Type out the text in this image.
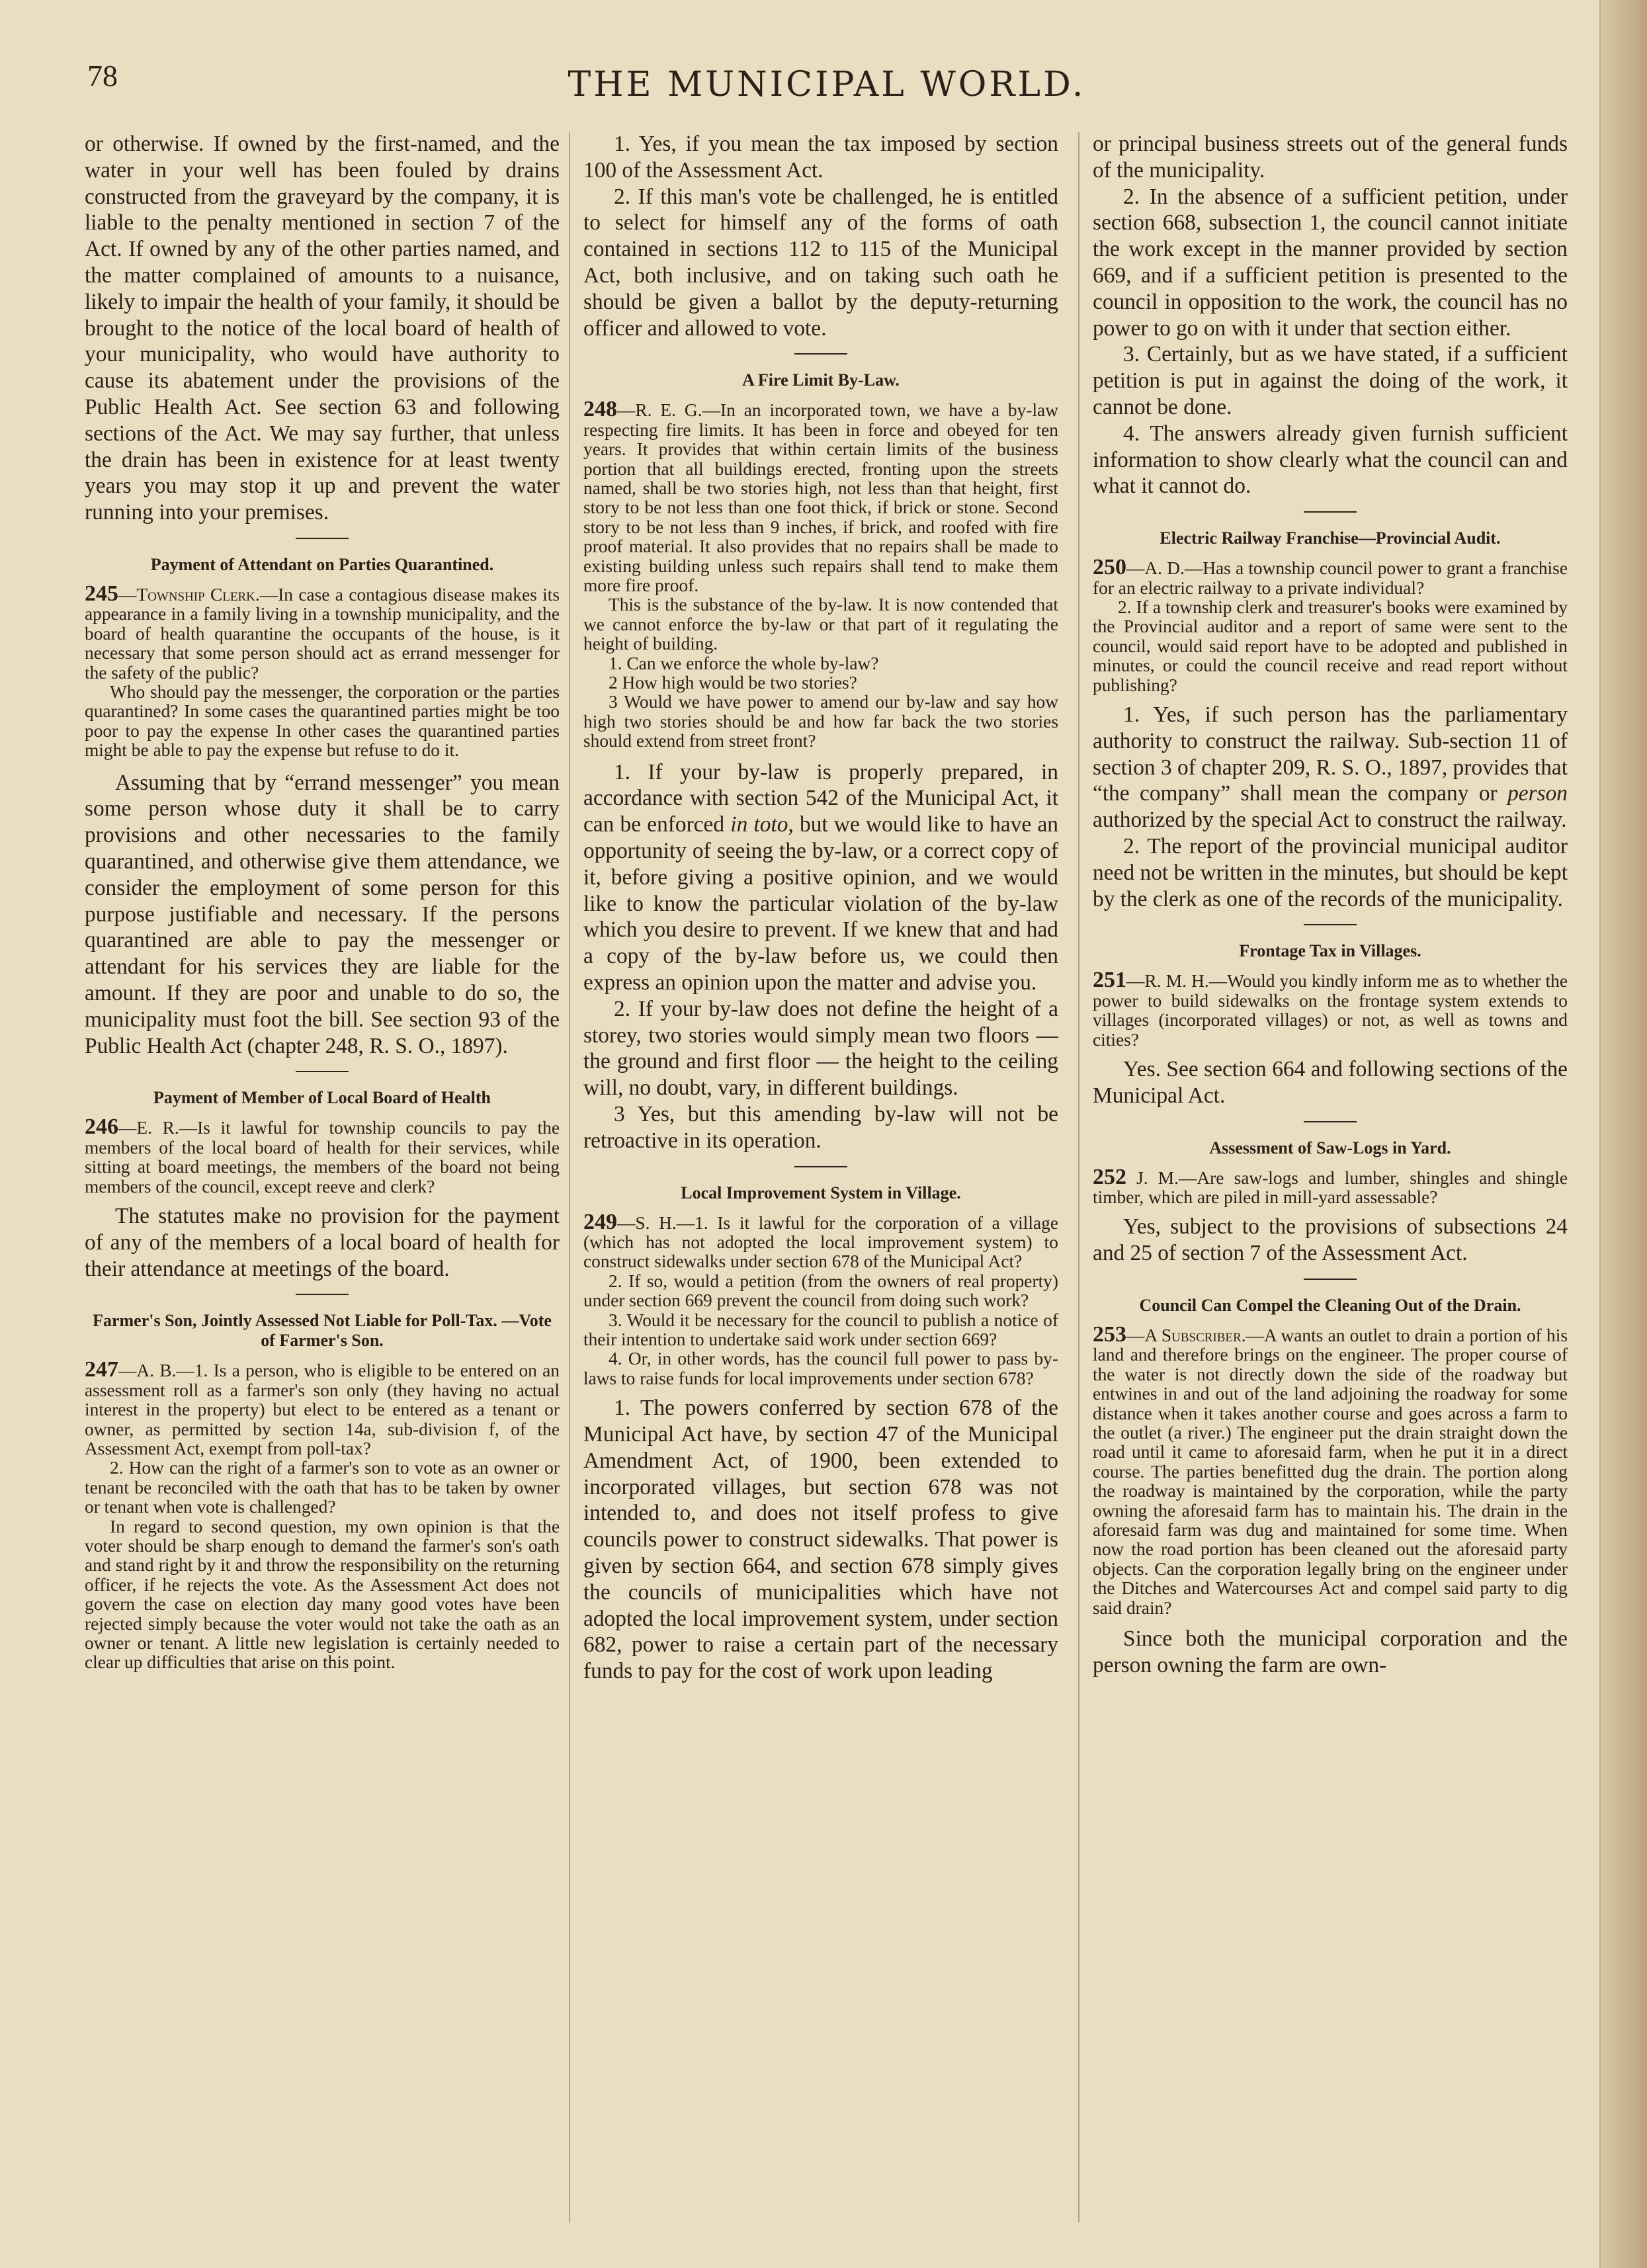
78	THE MUNICIPAL WORLD.

or otherwise. If owned by the first-named, and the water in your well has been fouled by drains constructed from the graveyard by the company, it is liable to the penalty mentioned in section 7 of the Act. If owned by any of the other parties named, and the matter complained of amounts to a nuisance, likely to impair the health of your family, it should be brought to the notice of the local board of health of your municipality, who would have authority to cause its abatement under the provisions of the Public Health Act. See section 63 and following sections of the Act. We may say further, that unless the drain has been in existence for at least twenty years you may stop it up and prevent the water running into your premises.

Payment of Attendant on Parties Quarantined.

245—Township Clerk.—In case a contagious disease makes its appearance in a family living in a township municipality, and the board of health quarantine the occupants of the house, is it necessary that some person should act as errand messenger for the safety of the public?

Who should pay the messenger, the corporation or the parties quarantined? In some cases the quarantined parties might be too poor to pay the expense In other cases the quarantined parties might be able to pay the expense but refuse to do it.

Assuming that by “errand messenger” you mean some person whose duty it shall be to carry provisions and other necessaries to the family quarantined, and otherwise give them attendance, we consider the employment of some person for this purpose justifiable and necessary. If the persons quarantined are able to pay the messenger or attendant for his services they are liable for the amount. If they are poor and unable to do so, the municipality must foot the bill. See section 93 of the Public Health Act (chapter 248, R. S. O., 1897).

Payment of Member of Local Board of Health

246—E. R.—Is it lawful for township councils to pay the members of the local board of health for their services, while sitting at board meetings, the members of the board not being members of the council, except reeve and clerk?

The statutes make no provision for the payment of any of the members of a local board of health for their attendance at meetings of the board.

Farmer's Son, Jointly Assessed Not Liable for Poll-Tax. —Vote of Farmer's Son.

247—A. B.—1. Is a person, who is eligible to be entered on an assessment roll as a farmer's son only (they having no actual interest in the property) but elect to be entered as a tenant or owner, as permitted by section 14a, sub-division f, of the Assessment Act, exempt from poll-tax?

2. How can the right of a farmer's son to vote as an owner or tenant be reconciled with the oath that has to be taken by owner or tenant when vote is challenged?

In regard to second question, my own opinion is that the voter should be sharp enough to demand the farmer's son's oath and stand right by it and throw the responsibility on the returning officer, if he rejects the vote. As the Assessment Act does not govern the case on election day many good votes have been rejected simply because the voter would not take the oath as an owner or tenant. A little new legislation is certainly needed to clear up difficulties that arise on this point.

1. Yes, if you mean the tax imposed by section 100 of the Assessment Act.

2. If this man's vote be challenged, he is entitled to select for himself any of the forms of oath contained in sections 112 to 115 of the Municipal Act, both inclusive, and on taking such oath he should be given a ballot by the deputy-returning officer and allowed to vote.

A Fire Limit By-Law.

248—R. E. G.—In an incorporated town, we have a by-law respecting fire limits. It has been in force and obeyed for ten years. It provides that within certain limits of the business portion that all buildings erected, fronting upon the streets named, shall be two stories high, not less than that height, first story to be not less than one foot thick, if brick or stone. Second story to be not less than 9 inches, if brick, and roofed with fire proof material. It also provides that no repairs shall be made to existing building unless such repairs shall tend to make them more fire proof.

This is the substance of the by-law. It is now contended that we cannot enforce the by-law or that part of it regulating the height of building.

1. Can we enforce the whole by-law?

2 How high would be two stories?

3 Would we have power to amend our by-law and say how high two stories should be and how far back the two stories should extend from street front?

1. If your by-law is properly prepared, in accordance with section 542 of the Municipal Act, it can be enforced in toto, but we would like to have an opportunity of seeing the by-law, or a correct copy of it, before giving a positive opinion, and we would like to know the particular violation of the by-law which you desire to prevent. If we knew that and had a copy of the by-law before us, we could then express an opinion upon the matter and advise you.

2. If your by-law does not define the height of a storey, two stories would simply mean two floors — the ground and first floor — the height to the ceiling will, no doubt, vary, in different buildings.

3 Yes, but this amending by-law will not be retroactive in its operation.

Local Improvement System in Village.

249—S. H.—1. Is it lawful for the corporation of a village (which has not adopted the local improvement system) to construct sidewalks under section 678 of the Municipal Act?

2. If so, would a petition (from the owners of real property) under section 669 prevent the council from doing such work?

3. Would it be necessary for the council to publish a notice of their intention to undertake said work under section 669?

4. Or, in other words, has the council full power to pass by-laws to raise funds for local improvements under section 678?

1. The powers conferred by section 678 of the Municipal Act have, by section 47 of the Municipal Amendment Act, of 1900, been extended to incorporated villages, but section 678 was not intended to, and does not itself profess to give councils power to construct sidewalks. That power is given by section 664, and section 678 simply gives the councils of municipalities which have not adopted the local improvement system, under section 682, power to raise a certain part of the necessary funds to pay for the cost of work upon leading

or principal business streets out of the general funds of the municipality.

2. In the absence of a sufficient petition, under section 668, subsection 1, the council cannot initiate the work except in the manner provided by section 669, and if a sufficient petition is presented to the council in opposition to the work, the council has no power to go on with it under that section either.

3. Certainly, but as we have stated, if a sufficient petition is put in against the doing of the work, it cannot be done.

4. The answers already given furnish sufficient information to show clearly what the council can and what it cannot do.

Electric Railway Franchise—Provincial Audit.

250—A. D.—Has a township council power to grant a franchise for an electric railway to a private individual?

2. If a township clerk and treasurer's books were examined by the Provincial auditor and a report of same were sent to the council, would said report have to be adopted and published in minutes, or could the council receive and read report without publishing?

1. Yes, if such person has the parliamentary authority to construct the railway. Sub-section 11 of section 3 of chapter 209, R. S. O., 1897, provides that “the company” shall mean the company or person authorized by the special Act to construct the railway.

2. The report of the provincial municipal auditor need not be written in the minutes, but should be kept by the clerk as one of the records of the municipality.

Frontage Tax in Villages.

251—R. M. H.—Would you kindly inform me as to whether the power to build sidewalks on the frontage system extends to villages (incorporated villages) or not, as well as towns and cities?

Yes. See section 664 and following sections of the Municipal Act.

Assessment of Saw-Logs in Yard.

252 J. M.—Are saw-logs and lumber, shingles and shingle timber, which are piled in mill-yard assessable?

Yes, subject to the provisions of subsections 24 and 25 of section 7 of the Assessment Act.

Council Can Compel the Cleaning Out of the Drain.

253—A Subscriber.—A wants an outlet to drain a portion of his land and therefore brings on the engineer. The proper course of the water is not directly down the side of the roadway but entwines in and out of the land adjoining the roadway for some distance when it takes another course and goes across a farm to the outlet (a river.) The engineer put the drain straight down the road until it came to aforesaid farm, when he put it in a direct course. The parties benefitted dug the drain. The portion along the roadway is maintained by the corporation, while the party owning the aforesaid farm has to maintain his. The drain in the aforesaid farm was dug and maintained for some time. When now the road portion has been cleaned out the aforesaid party objects. Can the corporation legally bring on the engineer under the Ditches and Watercourses Act and compel said party to dig said drain?

Since both the municipal corporation and the person owning the farm are own-
